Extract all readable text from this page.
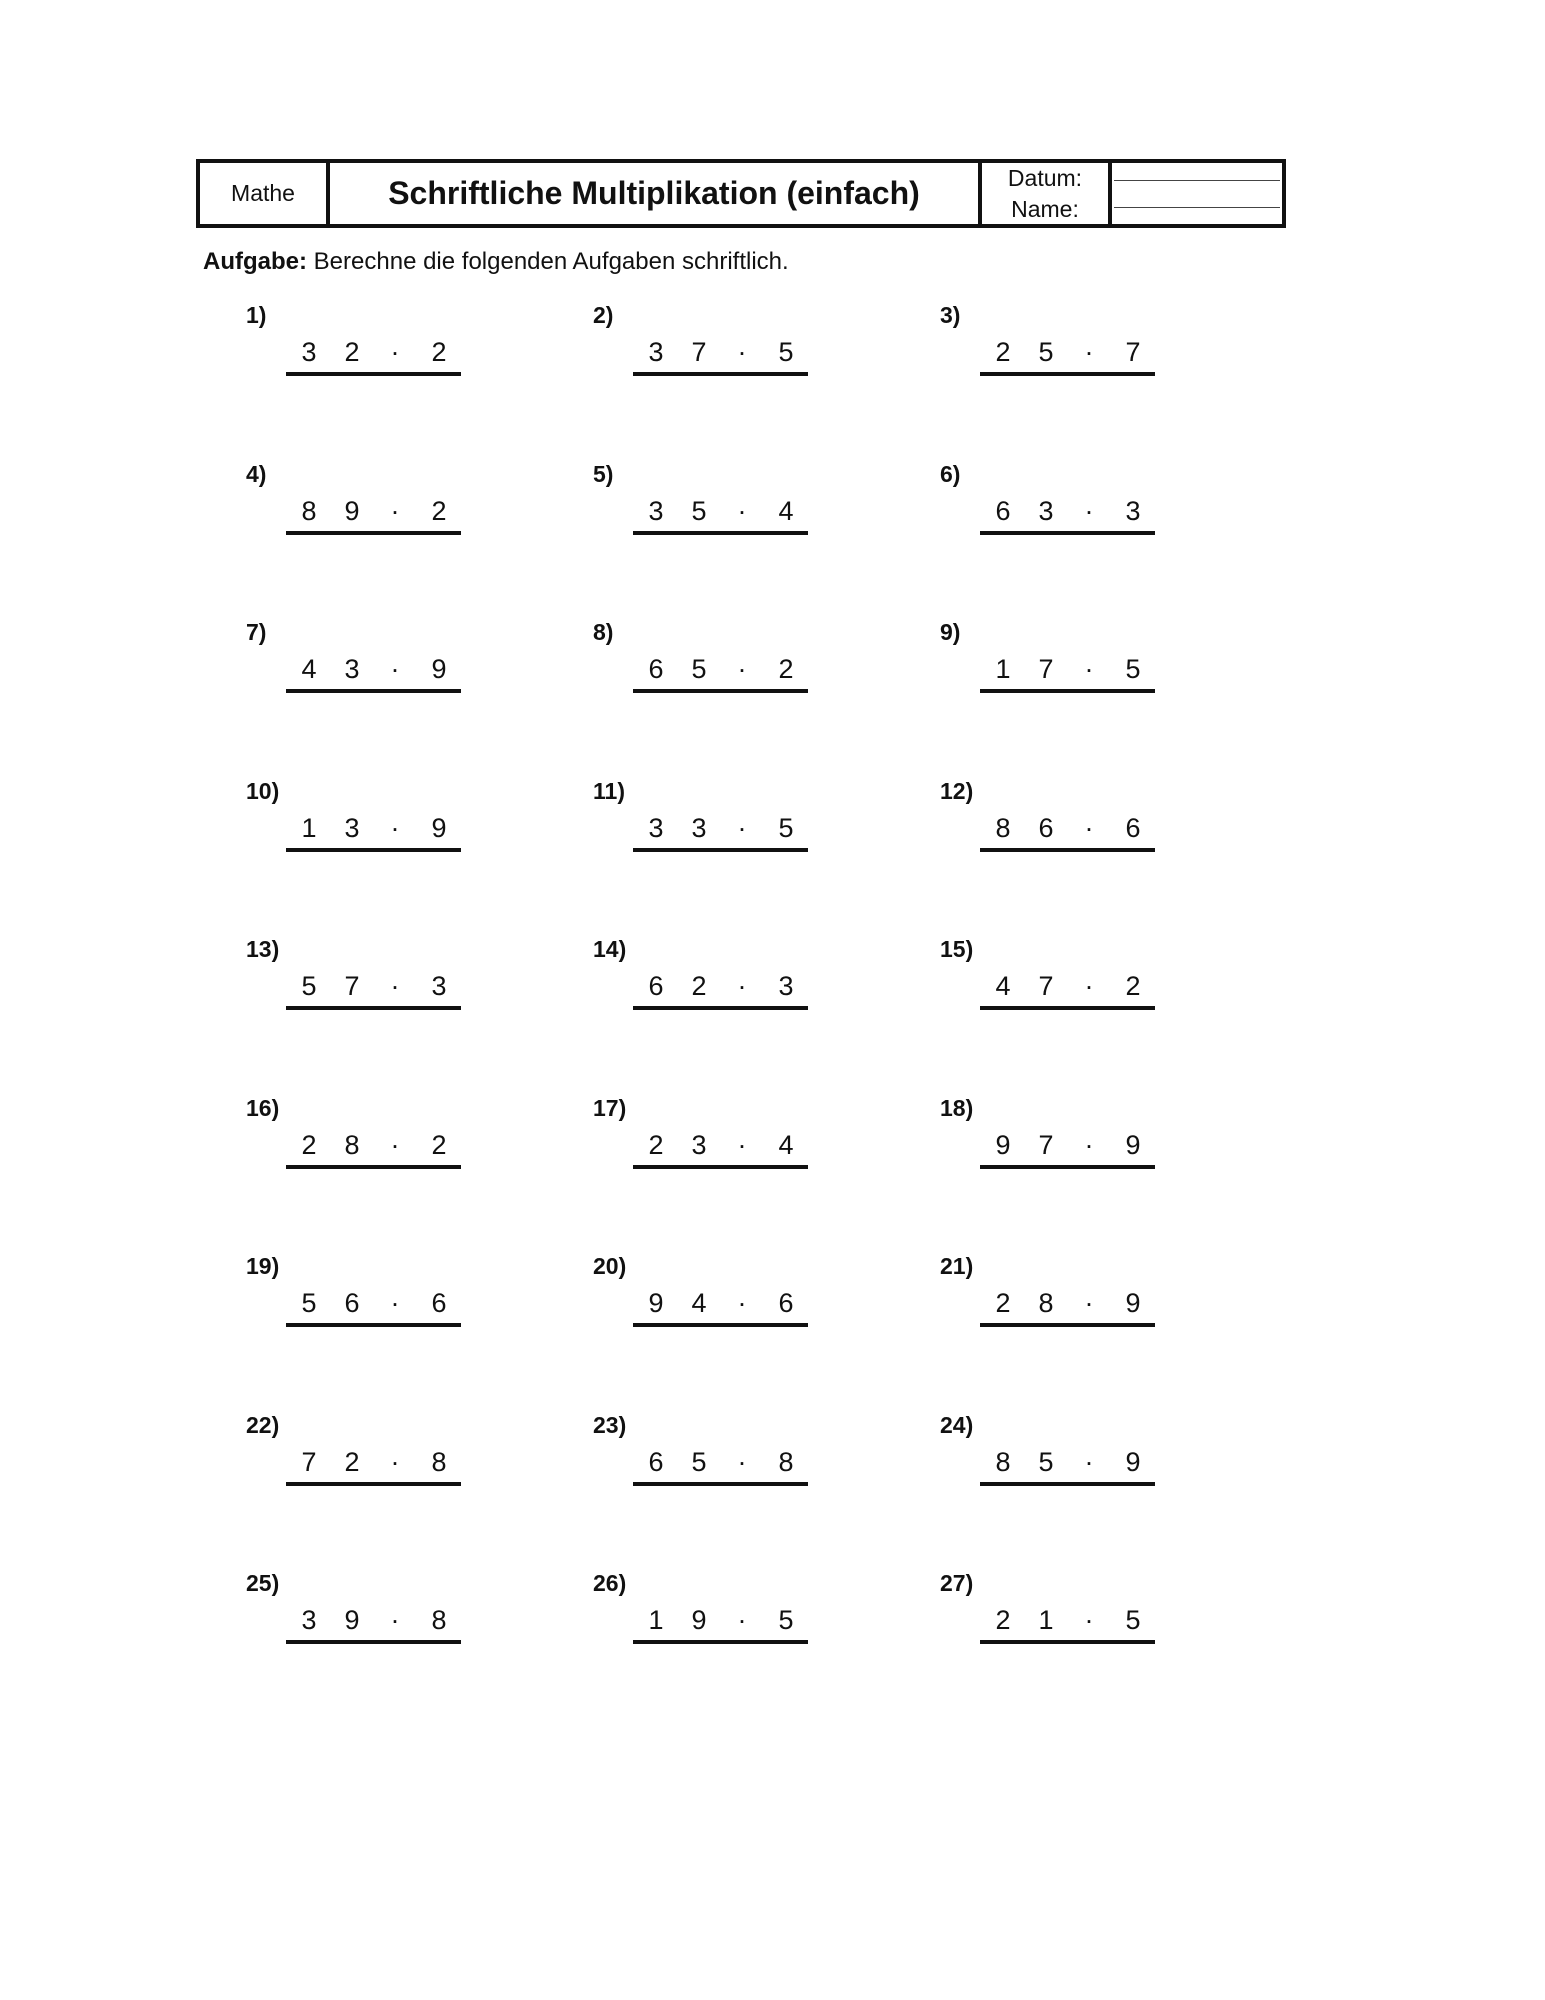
Mathe	Schriftliche Multiplikation (einfach)	Datum:
Name:
Aufgabe: Berechne die folgenden Aufgaben schriftlich.
1)
3 2	·	2
2)
3 7	·	5
3)
2 5	·	7
4)
8 9	·	2
5)
3 5	·	4
6)
6 3	·	3
7)
4 3	·	9
8)
6 5	·	2
9)
1 7	·	5
10)
1 3	·	9
11)
3 3	·	5
12)
8 6	·	6
13)
5 7	·	3
14)
6 2	·	3
15)
4 7	·	2
16)
2 8	·	2
17)
2 3	·	4
18)
9 7	·	9
19)
5 6	·	6
20)
9 4	·	6
21)
2 8	·	9
22)
7 2	·	8
23)
6 5	·	8
24)
8 5	·	9
25)
3 9	·	8
26)
1 9	·	5
27)
2 1	·	5
